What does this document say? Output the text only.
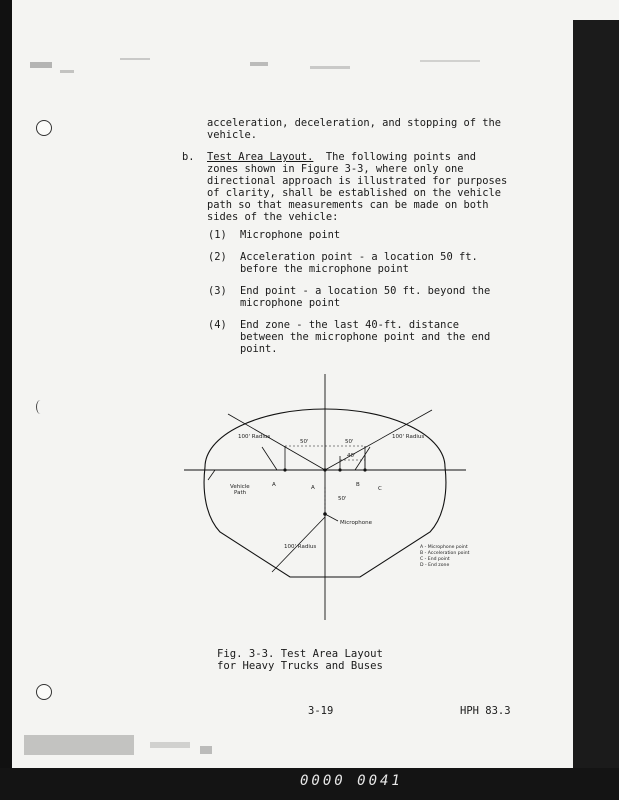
0000 0041
acceleration, deceleration, and stopping of the
vehicle.
b. Test Area Layout. The following points and
zones shown in Figure 3-3, where only one
directional approach is illustrated for purposes
of clarity, shall be established on the vehicle
path so that measurements can be made on both
sides of the vehicle:
(1) Microphone point
(2) Acceleration point - a location 50 ft.
before the microphone point
(3) End point - a location 50 ft. beyond the
microphone point
(4) End zone - the last 40-ft. distance
between the microphone point and the end
point.
100' Radius	100' Radius
100' Radius
50'	50'
40'
50'
Vehicle
Path
A	A	B
C
Microphone
A - Microphone point
B - Acceleration point
C - End point
D - End zone
Fig. 3-3. Test Area Layout
for Heavy Trucks and Buses
3-19	HPH 83.3
